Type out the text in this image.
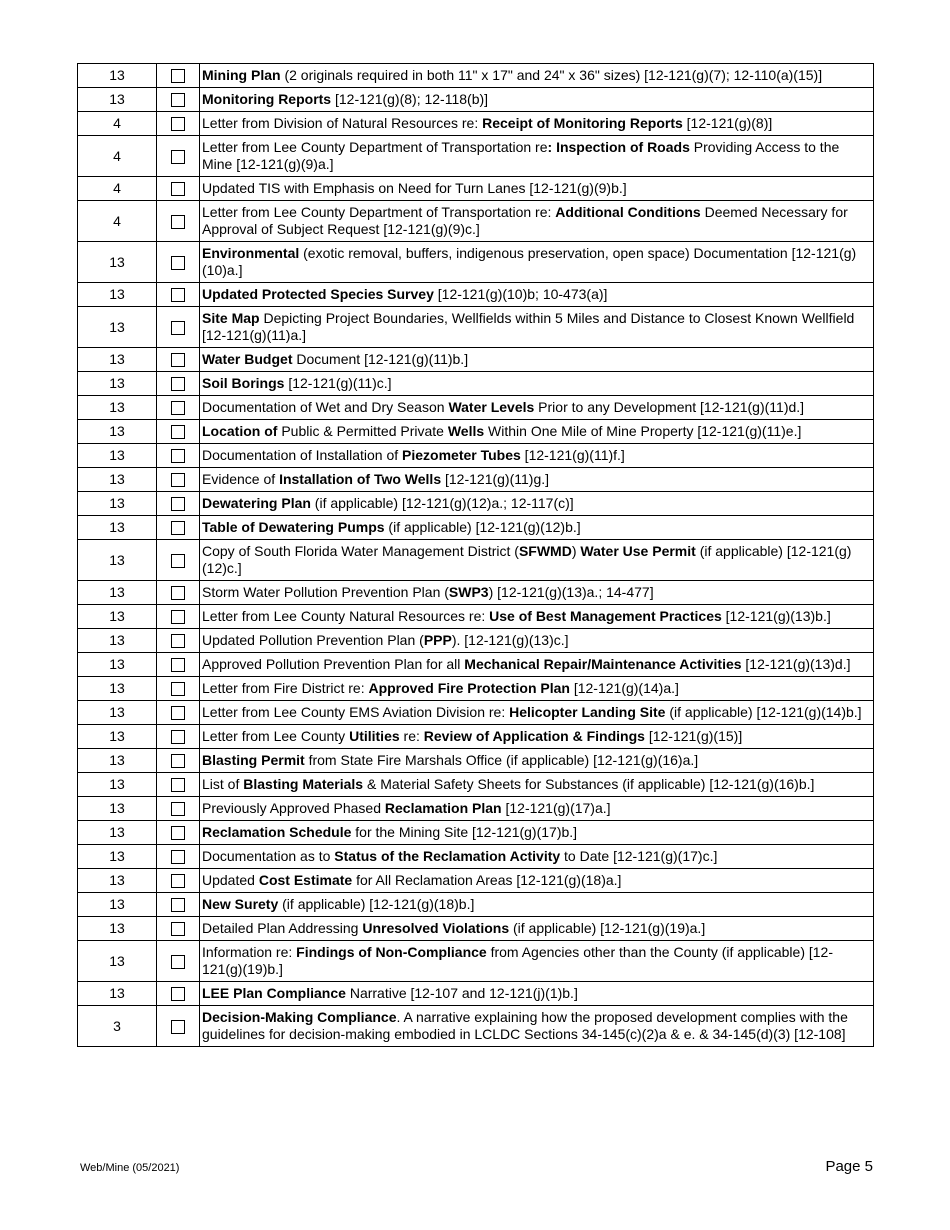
13		Mining Plan (2 originals required in both 11" x 17" and 24" x 36" sizes) [12-121(g)(7); 12-110(a)(15)]
13		Monitoring Reports [12-121(g)(8); 12-118(b)]
4		Letter from Division of Natural Resources re: Receipt of Monitoring Reports [12-121(g)(8)]
4		Letter from Lee County Department of Transportation re: Inspection of Roads Providing Access to the Mine [12-121(g)(9)a.]
4		Updated TIS with Emphasis on Need for Turn Lanes [12-121(g)(9)b.]
4		Letter from Lee County Department of Transportation re: Additional Conditions Deemed Necessary for Approval of Subject Request [12-121(g)(9)c.]
13		Environmental (exotic removal, buffers, indigenous preservation, open space) Documentation [12-121(g)(10)a.]
13		Updated Protected Species Survey [12-121(g)(10)b; 10-473(a)]
13		Site Map Depicting Project Boundaries, Wellfields within 5 Miles and Distance to Closest Known Wellfield [12-121(g)(11)a.]
13		Water Budget Document [12-121(g)(11)b.]
13		Soil Borings [12-121(g)(11)c.]
13		Documentation of Wet and Dry Season Water Levels Prior to any Development [12-121(g)(11)d.]
13		Location of Public & Permitted Private Wells Within One Mile of Mine Property [12-121(g)(11)e.]
13		Documentation of Installation of Piezometer Tubes [12-121(g)(11)f.]
13		Evidence of Installation of Two Wells [12-121(g)(11)g.]
13		Dewatering Plan (if applicable) [12-121(g)(12)a.; 12-117(c)]
13		Table of Dewatering Pumps (if applicable) [12-121(g)(12)b.]
13		Copy of South Florida Water Management District (SFWMD) Water Use Permit (if applicable) [12-121(g)(12)c.]
13		Storm Water Pollution Prevention Plan (SWP3) [12-121(g)(13)a.; 14-477]
13		Letter from Lee County Natural Resources re: Use of Best Management Practices [12-121(g)(13)b.]
13		Updated Pollution Prevention Plan (PPP). [12-121(g)(13)c.]
13		Approved Pollution Prevention Plan for all Mechanical Repair/Maintenance Activities [12-121(g)(13)d.]
13		Letter from Fire District re: Approved Fire Protection Plan [12-121(g)(14)a.]
13		Letter from Lee County EMS Aviation Division re: Helicopter Landing Site (if applicable) [12-121(g)(14)b.]
13		Letter from Lee County Utilities re: Review of Application & Findings [12-121(g)(15)]
13		Blasting Permit from State Fire Marshals Office (if applicable) [12-121(g)(16)a.]
13		List of Blasting Materials & Material Safety Sheets for Substances (if applicable) [12-121(g)(16)b.]
13		Previously Approved Phased Reclamation Plan [12-121(g)(17)a.]
13		Reclamation Schedule for the Mining Site [12-121(g)(17)b.]
13		Documentation as to Status of the Reclamation Activity to Date [12-121(g)(17)c.]
13		Updated Cost Estimate for All Reclamation Areas [12-121(g)(18)a.]
13		New Surety (if applicable) [12-121(g)(18)b.]
13		Detailed Plan Addressing Unresolved Violations (if applicable) [12-121(g)(19)a.]
13		Information re: Findings of Non-Compliance from Agencies other than the County (if applicable) [12-121(g)(19)b.]
13		LEE Plan Compliance Narrative [12-107 and 12-121(j)(1)b.]
3		Decision-Making Compliance. A narrative explaining how the proposed development complies with the guidelines for decision-making embodied in LCLDC Sections 34-145(c)(2)a & e. & 34-145(d)(3) [12-108]
Web/Mine (05/2021)	Page 5
